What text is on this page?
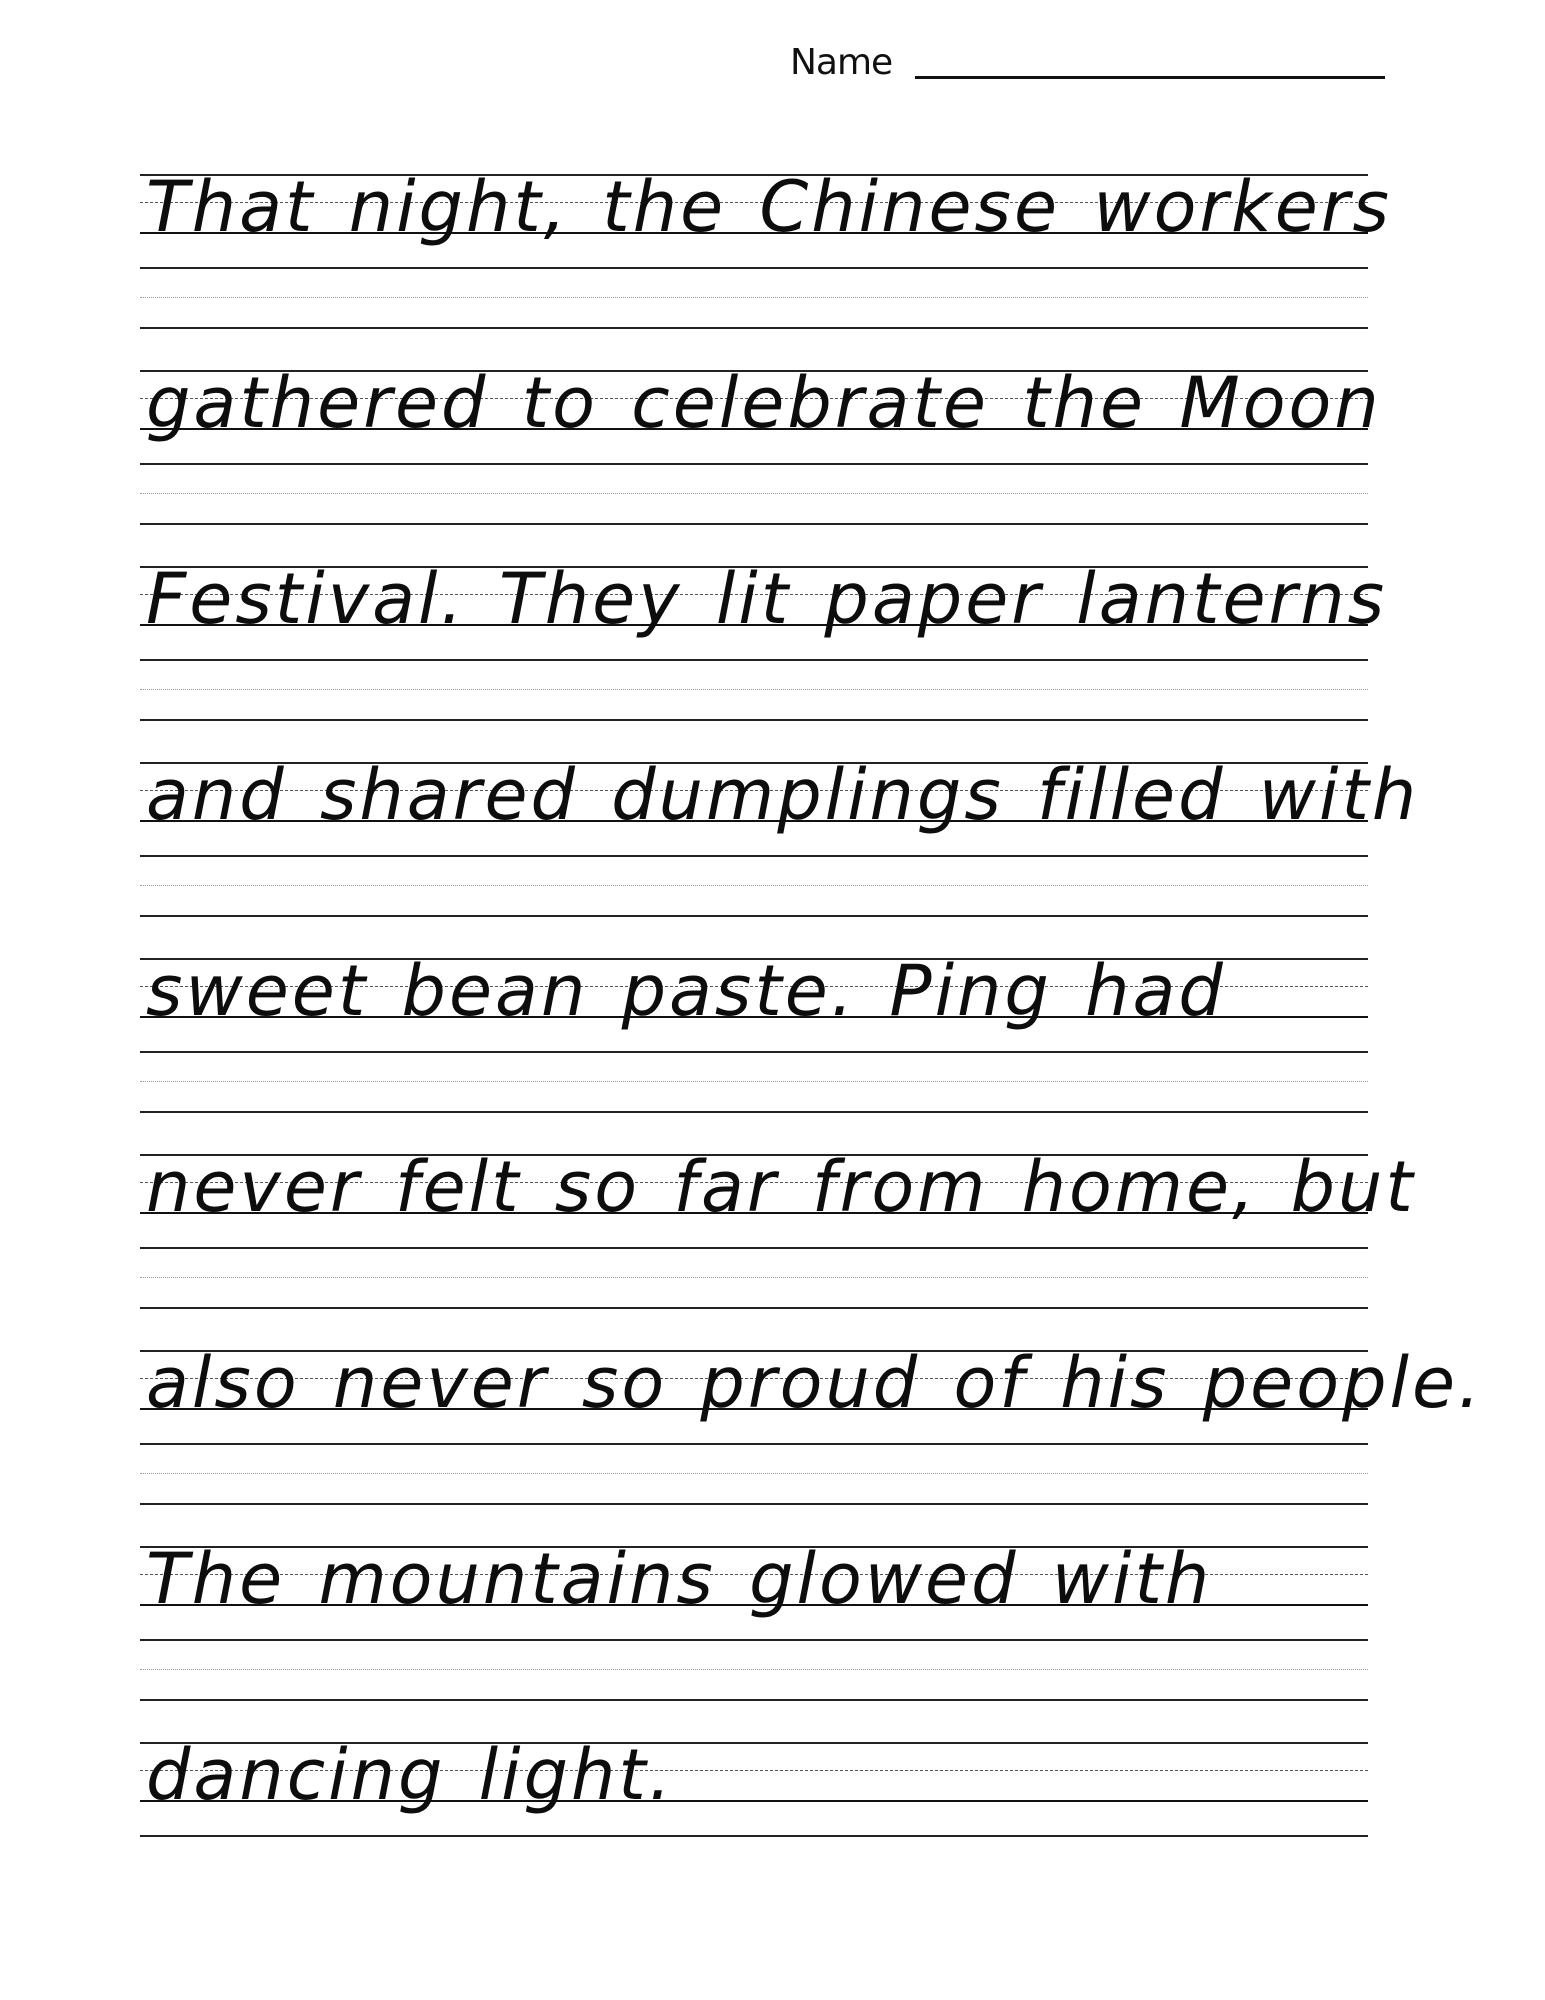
Name
That night, the Chinese workers
gathered to celebrate the Moon
Festival. They lit paper lanterns
and shared dumplings filled with
sweet bean paste. Ping had
never felt so far from home, but
also never so proud of his people.
The mountains glowed with
dancing light.
